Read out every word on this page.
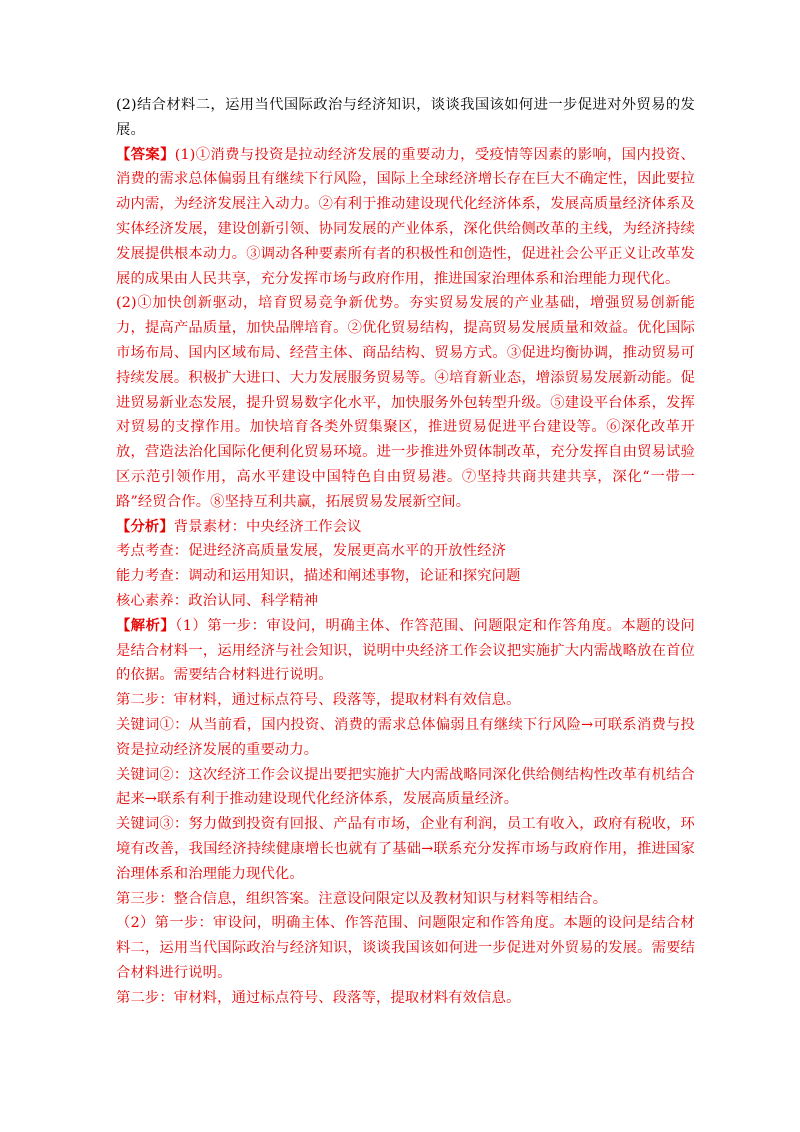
(2)结合材料二，运用当代国际政治与经济知识，谈谈我国该如何进一步促进对外贸易的发展。

【答案】(1)①消费与投资是拉动经济发展的重要动力，受疫情等因素的影响，国内投资、消费的需求总体偏弱且有继续下行风险，国际上全球经济增长存在巨大不确定性，因此要拉动内需，为经济发展注入动力。②有利于推动建设现代化经济体系，发展高质量经济体系及实体经济发展，建设创新引领、协同发展的产业体系，深化供给侧改革的主线，为经济持续发展提供根本动力。③调动各种要素所有者的积极性和创造性，促进社会公平正义让改革发展的成果由人民共享，充分发挥市场与政府作用，推进国家治理体系和治理能力现代化。

(2)①加快创新驱动，培育贸易竞争新优势。夯实贸易发展的产业基础，增强贸易创新能力，提高产品质量，加快品牌培育。②优化贸易结构，提高贸易发展质量和效益。优化国际市场布局、国内区域布局、经营主体、商品结构、贸易方式。③促进均衡协调，推动贸易可持续发展。积极扩大进口、大力发展服务贸易等。④培育新业态，增添贸易发展新动能。促进贸易新业态发展，提升贸易数字化水平，加快服务外包转型升级。⑤建设平台体系，发挥对贸易的支撑作用。加快培育各类外贸集聚区，推进贸易促进平台建设等。⑥深化改革开放，营造法治化国际化便利化贸易环境。进一步推进外贸体制改革，充分发挥自由贸易试验区示范引领作用，高水平建设中国特色自由贸易港。⑦坚持共商共建共享，深化“一带一路”经贸合作。⑧坚持互利共赢，拓展贸易发展新空间。

【分析】背景素材：中央经济工作会议

考点考查：促进经济高质量发展，发展更高水平的开放性经济

能力考查：调动和运用知识，描述和阐述事物，论证和探究问题

核心素养：政治认同、科学精神

【解析】（1）第一步：审设问，明确主体、作答范围、问题限定和作答角度。本题的设问是结合材料一，运用经济与社会知识，说明中央经济工作会议把实施扩大内需战略放在首位的依据。需要结合材料进行说明。

第二步：审材料，通过标点符号、段落等，提取材料有效信息。

关键词①：从当前看，国内投资、消费的需求总体偏弱且有继续下行风险→可联系消费与投资是拉动经济发展的重要动力。

关键词②：这次经济工作会议提出要把实施扩大内需战略同深化供给侧结构性改革有机结合起来→联系有利于推动建设现代化经济体系，发展高质量经济。

关键词③：努力做到投资有回报、产品有市场，企业有利润，员工有收入，政府有税收，环境有改善，我国经济持续健康增长也就有了基础→联系充分发挥市场与政府作用，推进国家治理体系和治理能力现代化。

第三步：整合信息，组织答案。注意设问限定以及教材知识与材料等相结合。

（2）第一步：审设问，明确主体、作答范围、问题限定和作答角度。本题的设问是结合材料二，运用当代国际政治与经济知识，谈谈我国该如何进一步促进对外贸易的发展。需要结合材料进行说明。

第二步：审材料，通过标点符号、段落等，提取材料有效信息。
